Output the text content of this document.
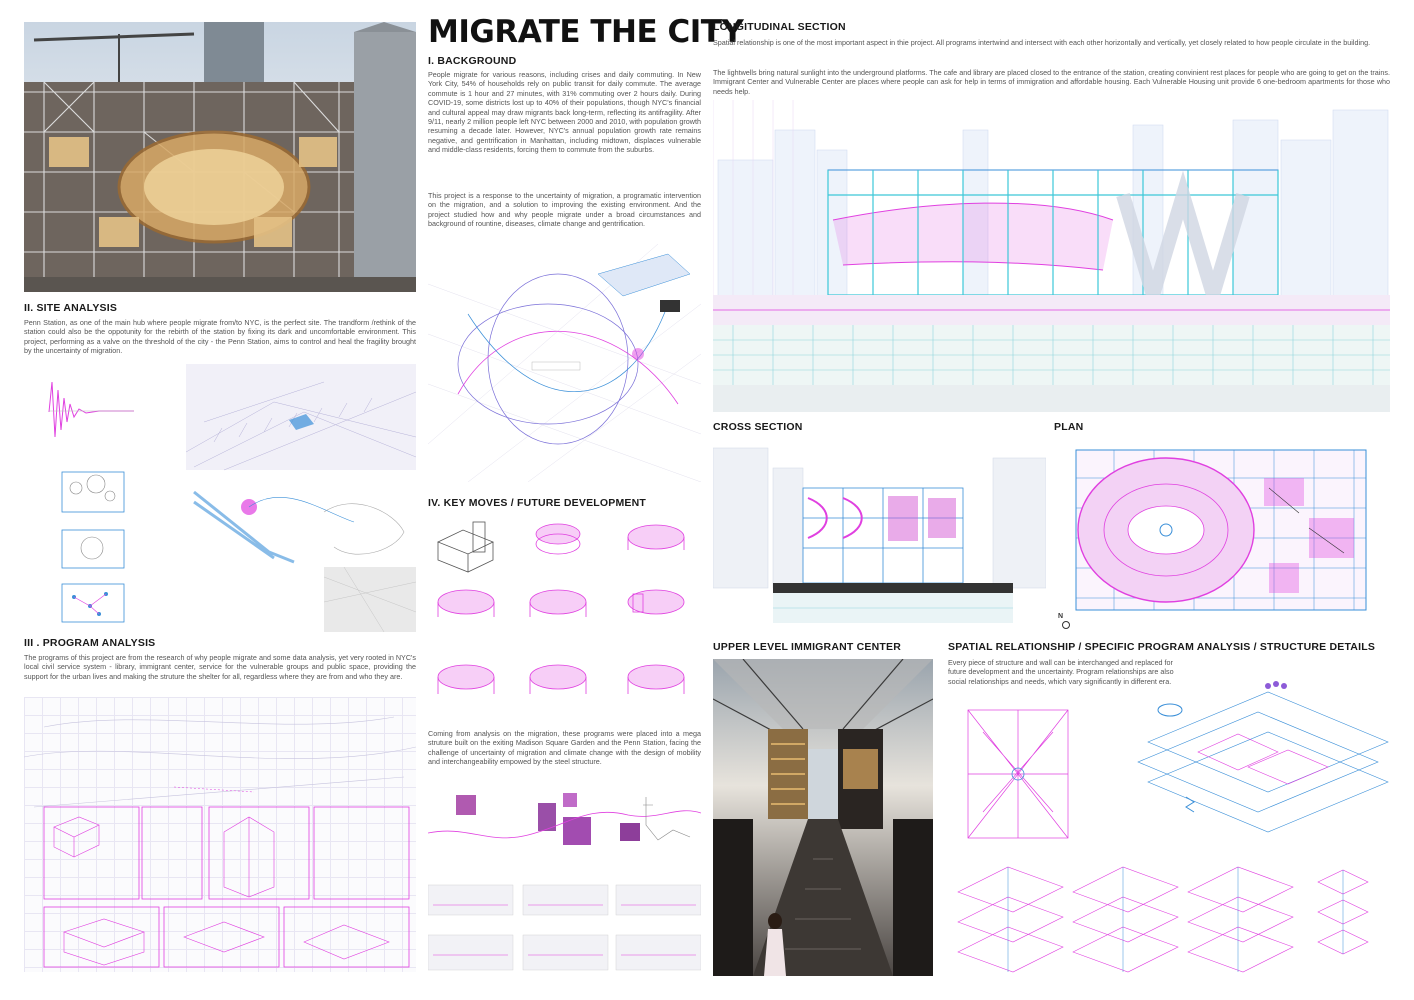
II. SITE ANALYSIS
Penn Station, as one of the main hub where people migrate from/to NYC, is the perfect site. The trandform /rethink of the station could also be the oppotunity for the rebirth of the station by fixing its dark and uncomfortable environment. This project, performing as a valve on the threshold of the city - the Penn Station, aims to control and heal the fragility brought by the uncertainty of migration.
III . PROGRAM ANALYSIS
The programs of this project are from the research of why people migrate and some data analysis, yet very rooted in NYC's local civil service system - library, immigrant center, service for the vulnerable groups and public space, providing the support for the urban lives and making the struture the shelter for all, regardless where they are from and who they are.
MIGRATE THE CITY
I. BACKGROUND
People migrate for various reasons, including crises and daily commuting. In New York City, 54% of households rely on public transit for daily commute. The average commute is 1 hour and 27 minutes, with 31% commuting over 2 hours daily. During COVID-19, some districts lost up to 40% of their populations, though NYC's financial and cultural appeal may draw migrants back long-term, reflecting its antifragility. After 9/11, nearly 2 million people left NYC between 2000 and 2010, with population growth resuming a decade later. However, NYC's annual population growth rate remains negative, and gentrification in Manhattan, including midtown, displaces vulnerable and middle-class residents, forcing them to commute from the suburbs.
This project is a response to the uncertainty of migration, a programatic intervention on the migration, and a solution to improving the existing environment. And the project studied how and why people migrate under a broad circumstances and background of rountine, diseases, climate change and gentrification.
IV. KEY MOVES / FUTURE DEVELOPMENT
Coming from analysis on the migration, these programs were placed into a mega struture built on the exiting Madison Square Garden and the Penn Station, facing the challenge of uncertainty of migration and climate change with the design of mobility and interchangeability empowed by the steel structure.
LONGITUDINAL SECTION
Spatial relationship is one of the most important aspect in thie project. All programs intertwind and intersect with each other horizontally and vertically, yet closely related to how people circulate in the building.
The lightwells bring natural sunlight into the underground platforms. The cafe and library are placed closed to the entrance of the station, creating convinient rest places for people who are going to get on the trains. Immigrant Center and Vulnerable Center are places where people can ask for help in terms of immigration and affordable housing. Each Vulnerable Housing unit provide 6 one-bedroom apartments for those who needs help.
CROSS SECTION	PLAN
N
UPPER LEVEL IMMIGRANT CENTER	SPATIAL RELATIONSHIP / SPECIFIC PROGRAM ANALYSIS / STRUCTURE DETAILS
Every piece of structure and wall can be interchanged and replaced for future development and the uncertainty. Program relationships are also social relationships and needs, which vary significantly in different era.
